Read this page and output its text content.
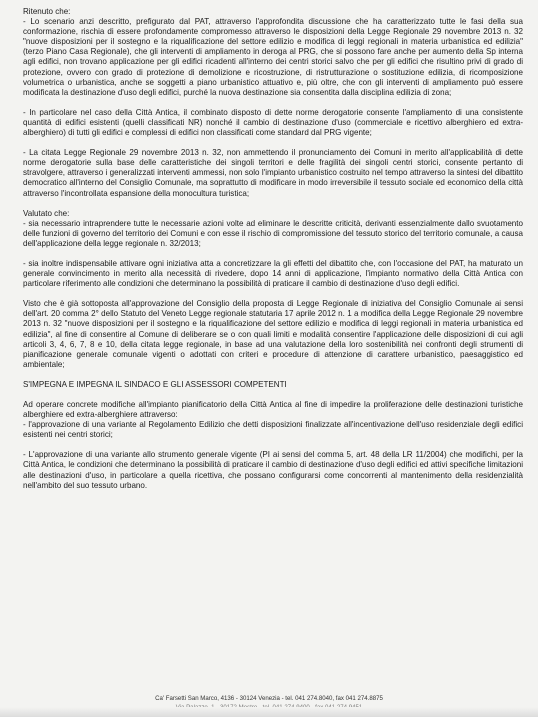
Ritenuto che:

- Lo scenario anzi descritto, prefigurato dal PAT, attraverso l'approfondita discussione che ha caratterizzato tutte le fasi della sua conformazione, rischia di essere profondamente compromesso attraverso le disposizioni della Legge Regionale 29 novembre 2013 n. 32 "nuove disposizioni per il sostegno e la riqualificazione del settore edilizio e modifica di leggi regionali in materia urbanistica ed edilizia" (terzo Piano Casa Regionale), che gli interventi di ampliamento in deroga al PRG, che si possono fare anche per aumento della Sp interna agli edifici, non trovano applicazione per gli edifici ricadenti all'interno dei centri storici salvo che per gli edifici che risultino privi di grado di protezione, ovvero con grado di protezione di demolizione e ricostruzione, di ristrutturazione o sostituzione edilizia, di ricomposizione volumetrica o urbanistica, anche se soggetti a piano urbanistico attuativo e, più oltre, che con gli interventi di ampliamento può essere modificata la destinazione d'uso degli edifici, purché la nuova destinazione sia consentita dalla disciplina edilizia di zona;

- In particolare nel caso della Città Antica, il combinato disposto di dette norme derogatorie consente l'ampliamento di una consistente quantità di edifici esistenti (quelli classificati NR) nonché il cambio di destinazione d'uso (commerciale e ricettivo alberghiero ed extra-alberghiero) di tutti gli edifici e complessi di edifici non classificati come standard dal PRG vigente;

- La citata Legge Regionale 29 novembre 2013 n. 32, non ammettendo il pronunciamento dei Comuni in merito all'applicabilità di dette norme derogatorie sulla base delle caratteristiche dei singoli territori e delle fragilità dei singoli centri storici, consente pertanto di stravolgere, attraverso i generalizzati interventi ammessi, non solo l'impianto urbanistico costruito nel tempo attraverso la sintesi del dibattito democratico all'interno del Consiglio Comunale, ma soprattutto di modificare in modo irreversibile il tessuto sociale ed economico della città attraverso l'incontrollata espansione della monocultura turistica;

Valutato che:

- sia necessario intraprendere tutte le necessarie azioni volte ad eliminare le descritte criticità, derivanti essenzialmente dallo svuotamento delle funzioni di governo del territorio dei Comuni e con esse il rischio di compromissione del tessuto storico del territorio comunale, a causa dell'applicazione della legge regionale n. 32/2013;

- sia inoltre indispensabile attivare ogni iniziativa atta a concretizzare la gli effetti del dibattito che, con l'occasione del PAT, ha maturato un generale convincimento in merito alla necessità di rivedere, dopo 14 anni di applicazione, l'impianto normativo della Città Antica con particolare riferimento alle condizioni che determinano la possibilità di praticare il cambio di destinazione d'uso degli edifici.

Visto che è già sottoposta all'approvazione del Consiglio della proposta di Legge Regionale di iniziativa del Consiglio Comunale ai sensi dell'art. 20 comma 2° dello Statuto del Veneto Legge regionale statutaria 17 aprile 2012 n. 1 a modifica della Legge Regionale 29 novembre 2013 n. 32 "nuove disposizioni per il sostegno e la riqualificazione del settore edilizio e modifica di leggi regionali in materia urbanistica ed edilizia", al fine di consentire al Comune di deliberare se o con quali limiti e modalità consentire l'applicazione delle disposizioni di cui agli articoli 3, 4, 6, 7, 8 e 10, della citata legge regionale, in base ad una valutazione della loro sostenibilità nei confronti degli strumenti di pianificazione generale comunale vigenti o adottati con criteri e procedure di attenzione di carattere urbanistico, paesaggistico ed ambientale;

S'IMPEGNA E IMPEGNA IL SINDACO E GLI ASSESSORI COMPETENTI

Ad operare concrete modifiche all'impianto pianificatorio della Città Antica al fine di impedire la proliferazione delle destinazioni turistiche alberghiere ed extra-alberghiere attraverso:

- l'approvazione di una variante al Regolamento Edilizio che detti disposizioni finalizzate all'incentivazione dell'uso residenziale degli edifici esistenti nei centri storici;

- L'approvazione di una variante allo strumento generale vigente (PI ai sensi del comma 5, art. 48 della LR 11/2004) che modifichi, per la Città Antica, le condizioni che determinano la possibilità di praticare il cambio di destinazione d'uso degli edifici ed attivi specifiche limitazioni alle destinazioni d'uso, in particolare a quella ricettiva, che possano configurarsi come concorrenti al mantenimento della residenzialità nell'ambito del suo tessuto urbano.

Ca' Farsetti San Marco, 4136 - 30124 Venezia - tel. 041 274.8040, fax 041 274.8875
